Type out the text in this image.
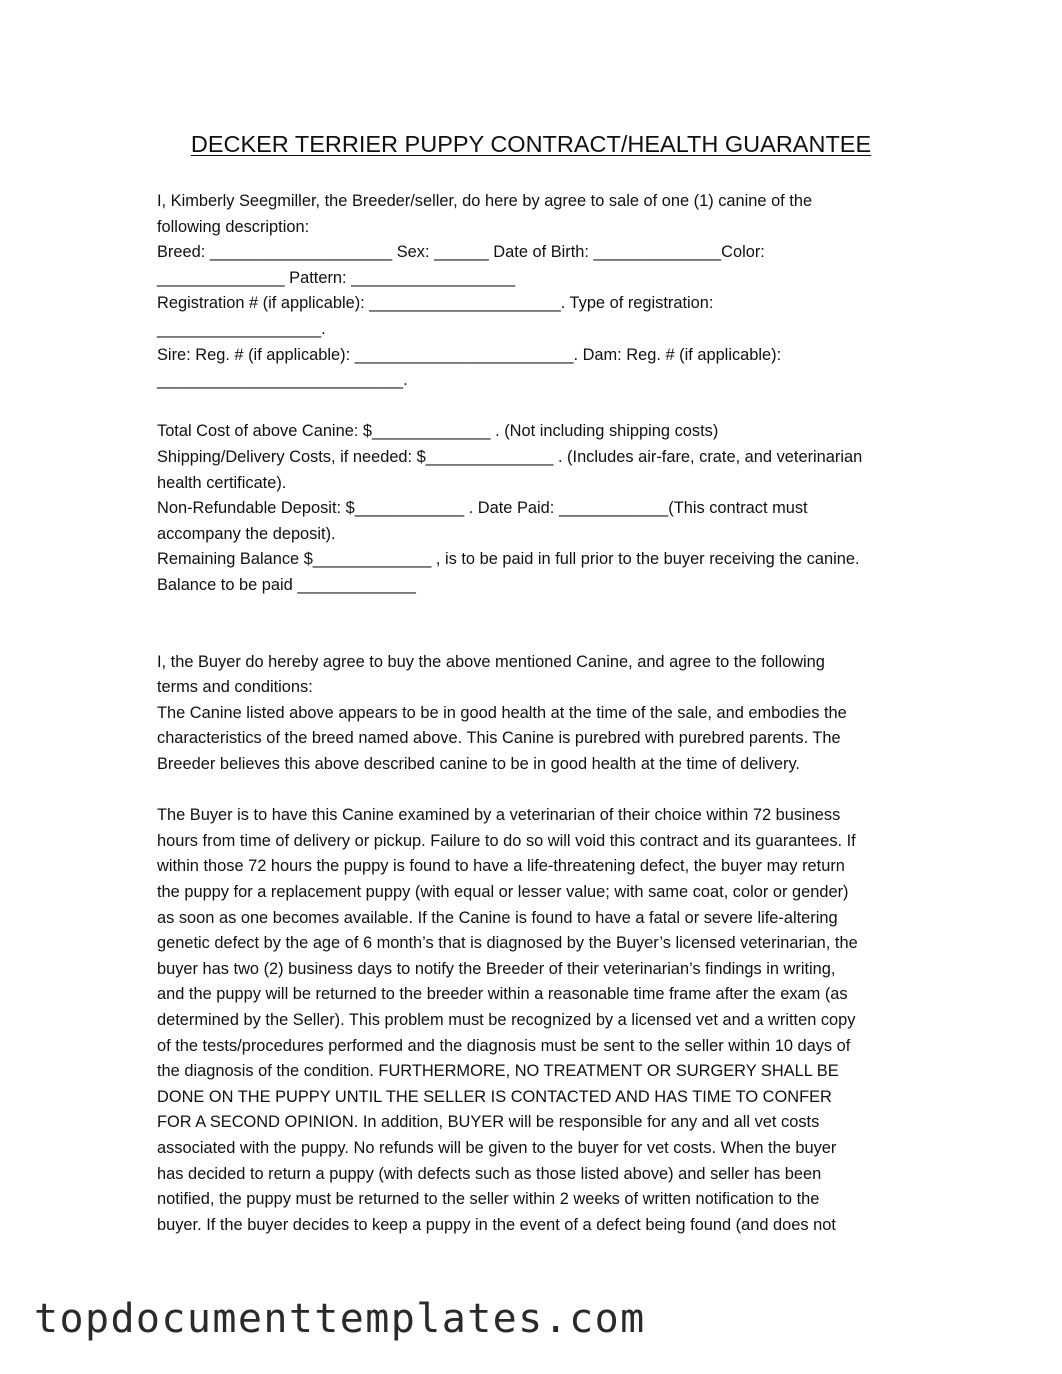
DECKER TERRIER PUPPY CONTRACT/HEALTH GUARANTEE
I, Kimberly Seegmiller, the Breeder/seller, do here by agree to sale of one (1) canine of the
following description:
Breed: ____________________ Sex: ______ Date of Birth: ______________Color:
______________ Pattern: __________________
Registration # (if applicable): _____________________. Type of registration:
__________________.
Sire: Reg. # (if applicable): ________________________. Dam: Reg. # (if applicable):
___________________________.
Total Cost of above Canine: $_____________ . (Not including shipping costs)
Shipping/Delivery Costs, if needed: $______________ . (Includes air-fare, crate, and veterinarian
health certificate).
Non-Refundable Deposit: $____________ . Date Paid: ____________(This contract must
accompany the deposit).
Remaining Balance $_____________ , is to be paid in full prior to the buyer receiving the canine.
Balance to be paid _____________
I, the Buyer do hereby agree to buy the above mentioned Canine, and agree to the following
terms and conditions:
The Canine listed above appears to be in good health at the time of the sale, and embodies the
characteristics of the breed named above. This Canine is purebred with purebred parents. The
Breeder believes this above described canine to be in good health at the time of delivery.
The Buyer is to have this Canine examined by a veterinarian of their choice within 72 business
hours from time of delivery or pickup. Failure to do so will void this contract and its guarantees. If
within those 72 hours the puppy is found to have a life-threatening defect, the buyer may return
the puppy for a replacement puppy (with equal or lesser value; with same coat, color or gender)
as soon as one becomes available. If the Canine is found to have a fatal or severe life-altering
genetic defect by the age of 6 month’s that is diagnosed by the Buyer’s licensed veterinarian, the
buyer has two (2) business days to notify the Breeder of their veterinarian’s findings in writing,
and the puppy will be returned to the breeder within a reasonable time frame after the exam (as
determined by the Seller). This problem must be recognized by a licensed vet and a written copy
of the tests/procedures performed and the diagnosis must be sent to the seller within 10 days of
the diagnosis of the condition. FURTHERMORE, NO TREATMENT OR SURGERY SHALL BE
DONE ON THE PUPPY UNTIL THE SELLER IS CONTACTED AND HAS TIME TO CONFER
FOR A SECOND OPINION. In addition, BUYER will be responsible for any and all vet costs
associated with the puppy. No refunds will be given to the buyer for vet costs. When the buyer
has decided to return a puppy (with defects such as those listed above) and seller has been
notified, the puppy must be returned to the seller within 2 weeks of written notification to the
buyer. If the buyer decides to keep a puppy in the event of a defect being found (and does not
topdocumenttemplates.com
